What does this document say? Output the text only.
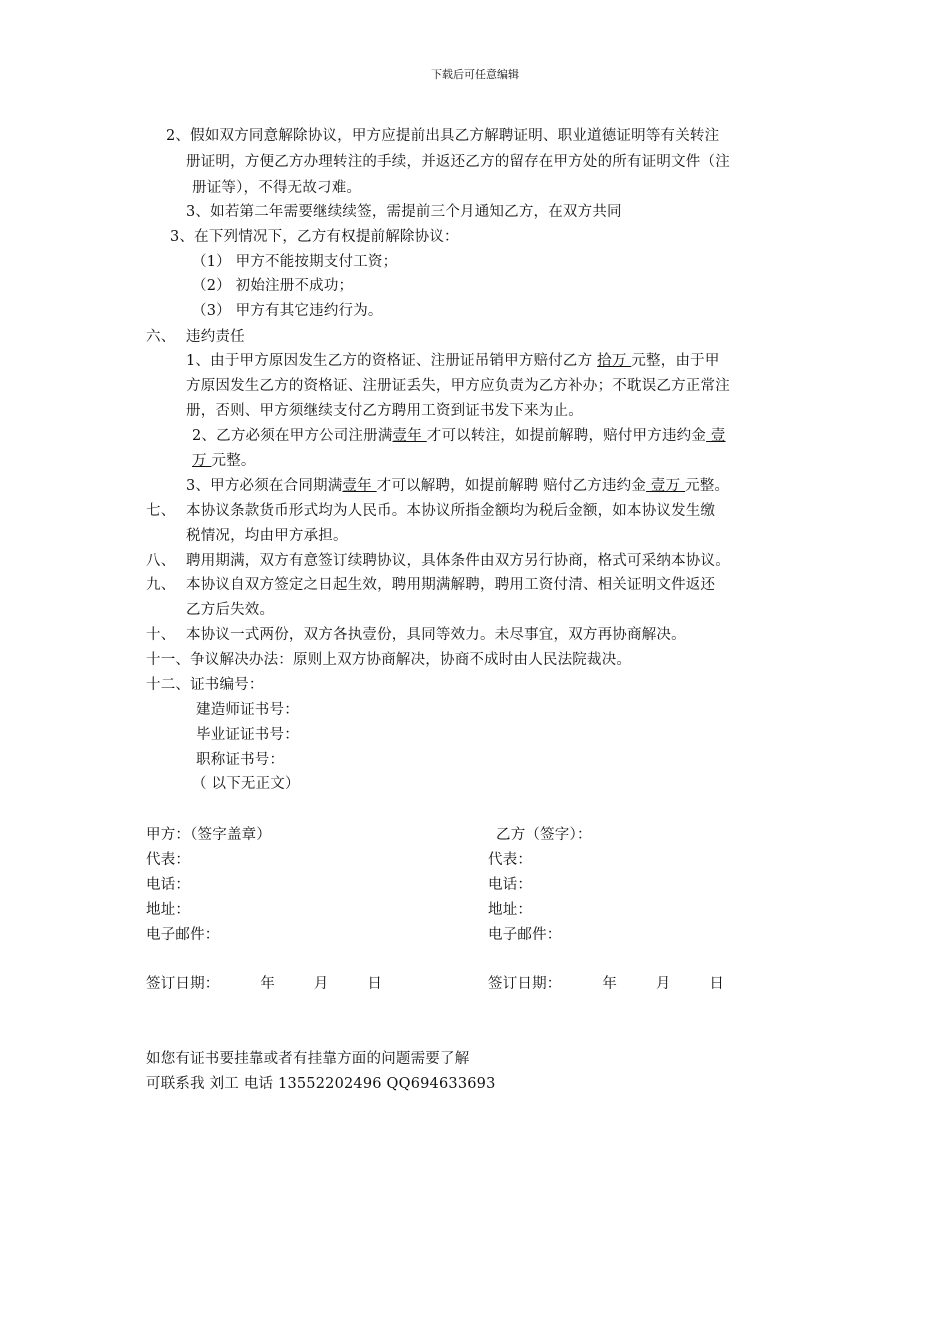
下载后可任意编辑
2、假如双方同意解除协议，甲方应提前出具乙方解聘证明、职业道德证明等有关转注
册证明，方便乙方办理转注的手续，并返还乙方的留存在甲方处的所有证明文件（注
册证等），不得无故刁难。
3、如若第二年需要继续续签，需提前三个月通知乙方，在双方共同
3、在下列情况下，乙方有权提前解除协议：
（1） 甲方不能按期支付工资；
（2） 初始注册不成功；
（3） 甲方有其它违约行为。
六、 违约责任
1、由于甲方原因发生乙方的资格证、注册证吊销甲方赔付乙方 拾万 元整，由于甲
方原因发生乙方的资格证、注册证丢失，甲方应负责为乙方补办；不耽误乙方正常注
册，否则、甲方须继续支付乙方聘用工资到证书发下来为止。
2、乙方必须在甲方公司注册满壹年 才可以转注，如提前解聘，赔付甲方违约金 壹
万 元整。
3、甲方必须在合同期满壹年 才可以解聘，如提前解聘 赔付乙方违约金 壹万 元整。
七、 本协议条款货币形式均为人民币。本协议所指金额均为税后金额，如本协议发生缴
税情况，均由甲方承担。
八、 聘用期满，双方有意签订续聘协议，具体条件由双方另行协商，格式可采纳本协议。
九、 本协议自双方签定之日起生效，聘用期满解聘，聘用工资付清、相关证明文件返还
乙方后失效。
十、 本协议一式两份，双方各执壹份，具同等效力。未尽事宜，双方再协商解决。
十一、争议解决办法：原则上双方协商解决，协商不成时由人民法院裁决。
十二、证书编号：
建造师证书号：
毕业证证书号：
职称证书号：
（ 以下无正文）
甲方：（签字盖章）	乙方（签字）：
代表：	代表：
电话：	电话：
地址：	地址：
电子邮件：	电子邮件：
签订日期：	年	月	日	签订日期：	年	月	日
如您有证书要挂靠或者有挂靠方面的问题需要了解
可联系我 刘工 电话 13552202496 QQ694633693
